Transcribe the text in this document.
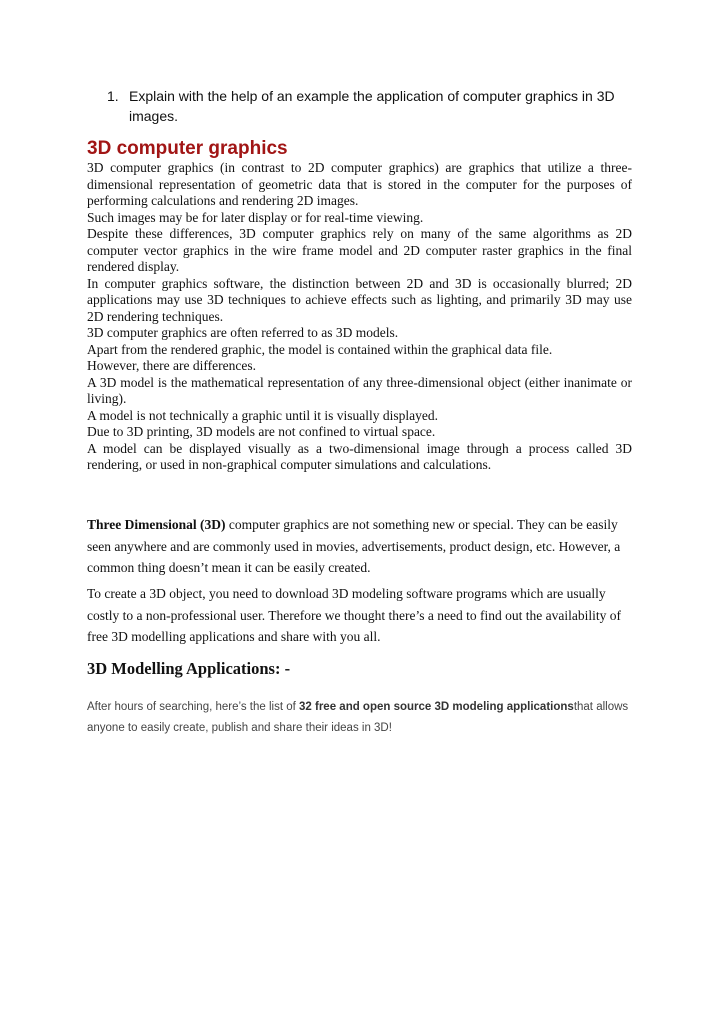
1. Explain with the help of an example the application of computer graphics in 3D images.
3D computer graphics

3D computer graphics (in contrast to 2D computer graphics) are graphics that utilize a three-dimensional representation of geometric data that is stored in the computer for the purposes of performing calculations and rendering 2D images.

Such images may be for later display or for real-time viewing.

Despite these differences, 3D computer graphics rely on many of the same algorithms as 2D computer vector graphics in the wire frame model and 2D computer raster graphics in the final rendered display.

In computer graphics software, the distinction between 2D and 3D is occasionally blurred; 2D applications may use 3D techniques to achieve effects such as lighting, and primarily 3D may use 2D rendering techniques.

3D computer graphics are often referred to as 3D models.

Apart from the rendered graphic, the model is contained within the graphical data file.

However, there are differences.

A 3D model is the mathematical representation of any three-dimensional object (either inanimate or living).

A model is not technically a graphic until it is visually displayed.

Due to 3D printing, 3D models are not confined to virtual space.

A model can be displayed visually as a two-dimensional image through a process called 3D rendering, or used in non-graphical computer simulations and calculations.

Three Dimensional (3D) computer graphics are not something new or special. They can be easily seen anywhere and are commonly used in movies, advertisements, product design, etc. However, a common thing doesn’t mean it can be easily created.

To create a 3D object, you need to download 3D modeling software programs which are usually costly to a non-professional user. Therefore we thought there’s a need to find out the availability of free 3D modelling applications and share with you all.

3D Modelling Applications: -

After hours of searching, here’s the list of 32 free and open source 3D modeling applicationsthat allows anyone to easily create, publish and share their ideas in 3D!
